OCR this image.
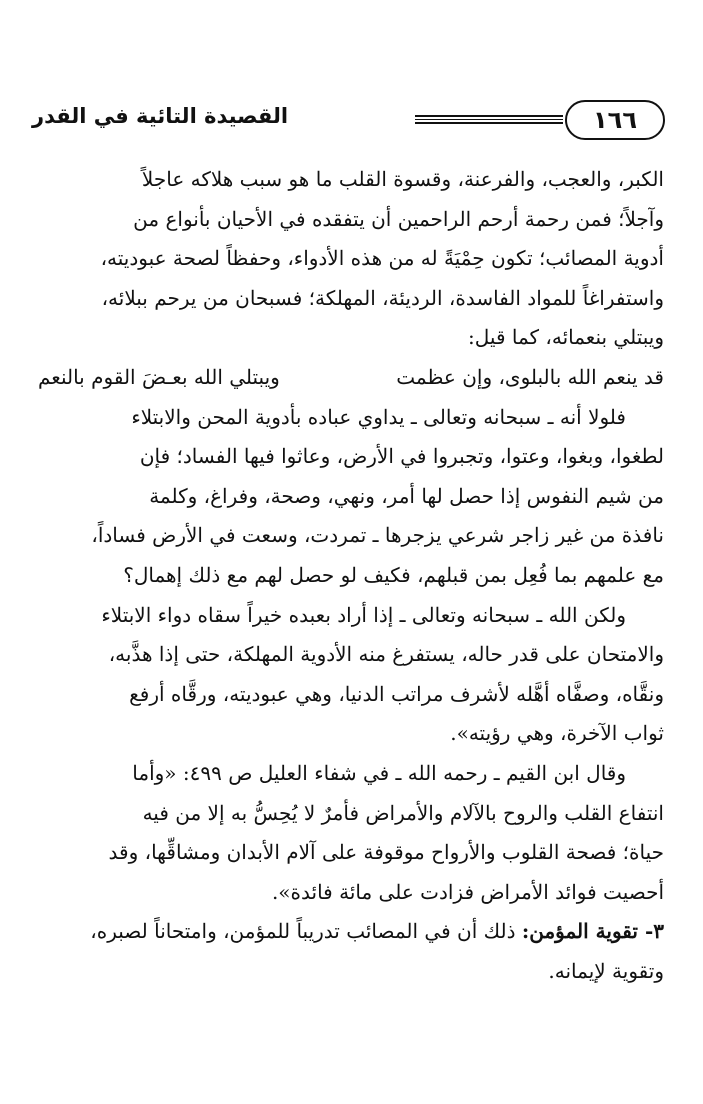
١٦٦
القصيدة التائية في القدر
الكبر، والعجب، والفرعنة، وقسوة القلب ما هو سبب هلاكه عاجلاً
وآجلاً؛ فمن رحمة أرحم الراحمين أن يتفقده في الأحيان بأنواع من
أدوية المصائب؛ تكون حِمْيَةً له من هذه الأدواء، وحفظاً لصحة عبوديته،
واستفراغاً للمواد الفاسدة، الرديئة، المهلكة؛ فسبحان من يرحم ببلائه،
ويبتلي بنعمائه، كما قيل:
قد ينعم الله بالبلوى، وإن عظمت
ويبتلي الله بعـضَ القوم بالنعم
فلولا أنه ـ سبحانه وتعالى ـ يداوي عباده بأدوية المحن والابتلاء
لطغوا، وبغوا، وعتوا، وتجبروا في الأرض، وعاثوا فيها الفساد؛ فإن
من شيم النفوس إذا حصل لها أمر، ونهي، وصحة، وفراغ، وكلمة
نافذة من غير زاجر شرعي يزجرها ـ تمردت، وسعت في الأرض فساداً،
مع علمهم بما فُعِل بمن قبلهم، فكيف لو حصل لهم مع ذلك إهمال؟
ولكن الله ـ سبحانه وتعالى ـ إذا أراد بعبده خيراً سقاه دواء الابتلاء
والامتحان على قدر حاله، يستفرغ منه الأدوية المهلكة، حتى إذا هذَّبه،
ونقَّاه، وصفَّاه أهَّله لأشرف مراتب الدنيا، وهي عبوديته، ورقَّاه أرفع
ثواب الآخرة، وهي رؤيته».
وقال ابن القيم ـ رحمه الله ـ في شفاء العليل ص ٤٩٩: «وأما
انتفاع القلب والروح بالآلام والأمراض فأمرٌ لا يُحِسُّ به إلا من فيه
حياة؛ فصحة القلوب والأرواح موقوفة على آلام الأبدان ومشاقِّها، وقد
أحصيت فوائد الأمراض فزادت على مائة فائدة».
٣- تقوية المؤمن: ذلك أن في المصائب تدريباً للمؤمن، وامتحاناً لصبره،
وتقوية لإيمانه.
